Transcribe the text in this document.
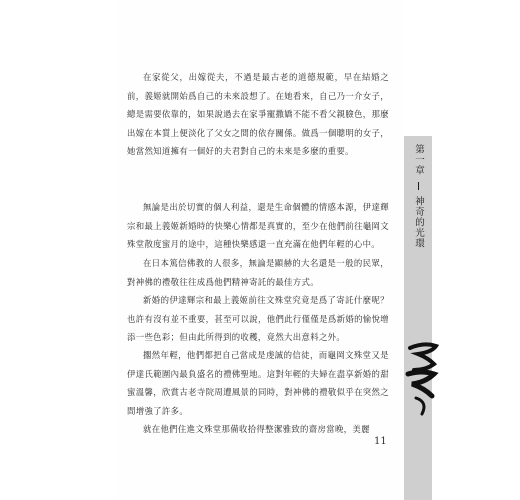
在家從父，出嫁從夫，不過是最古老的道德規範，早在結婚之前，義姬就開始爲自己的未來設想了。在她看來，自己乃一介女子，總是需要依靠的，如果說過去在家爭寵撒嬌不能不看父親臉色，那麼出嫁在本質上便淡化了父女之間的依存關係。做爲一個聰明的女子，她當然知道擁有一個好的夫君對自己的未來是多麼的重要。

無論是出於切實的個人利益，還是生命個體的情感本源，伊達輝宗和最上義姬新婚時的快樂心情都是真實的，至少在他們前往龜岡文殊堂散度蜜月的途中，這種快樂感還一直充滿在他們年輕的心中。

在日本篤信佛教的人很多，無論是顯赫的大名還是一般的民眾，對神佛的禮敬往往成爲他們精神寄託的最佳方式。

新婚的伊達輝宗和最上義姬前往文殊堂究竟是爲了寄託什麼呢？也許有沒有並不重要，甚至可以說，他們此行僅僅是爲新婚的愉悅增添一些色彩；但由此所得到的收穫，竟然大出意料之外。

擱然年輕，他們都把自己當成是虔誠的信徒，而龜岡文殊堂又是伊達氏範圍內最負盛名的禮佛聖地。這對年輕的夫婦在盡享新婚的甜蜜溫馨，欣賞古老寺院周遭風景的同時，對神佛的禮敬似乎在突然之間增強了許多。

就在他們住進文殊堂那備收拾得整潔雅致的齋房當晚，美麗

11
第一章
神奇的光環
